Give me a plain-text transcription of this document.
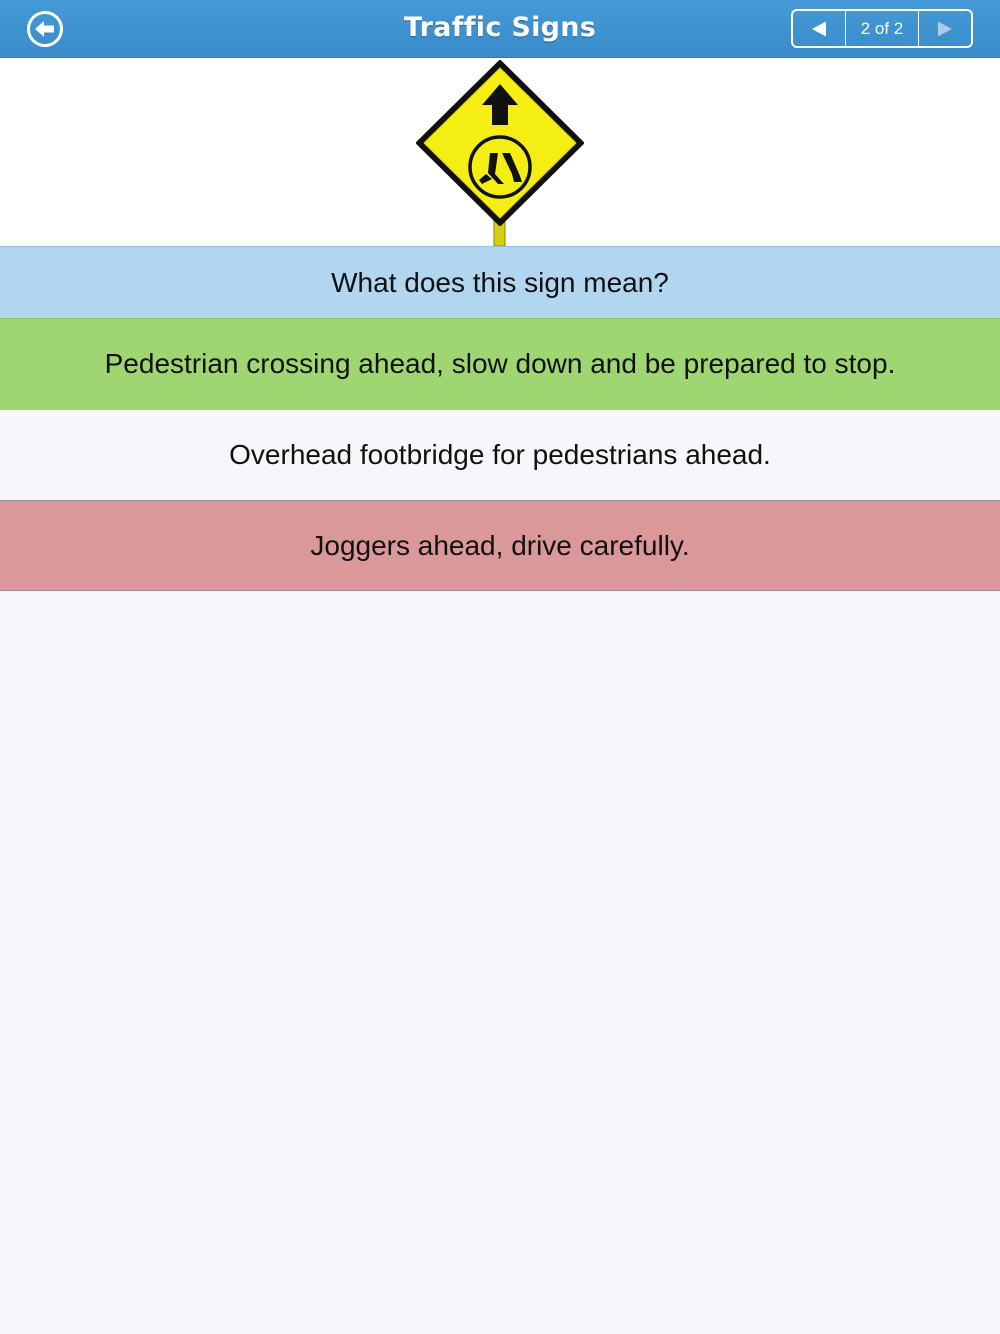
Traffic Signs	2 of 2
What does this sign mean?
Pedestrian crossing ahead, slow down and be prepared to stop.
Overhead footbridge for pedestrians ahead.
Joggers ahead, drive carefully.
